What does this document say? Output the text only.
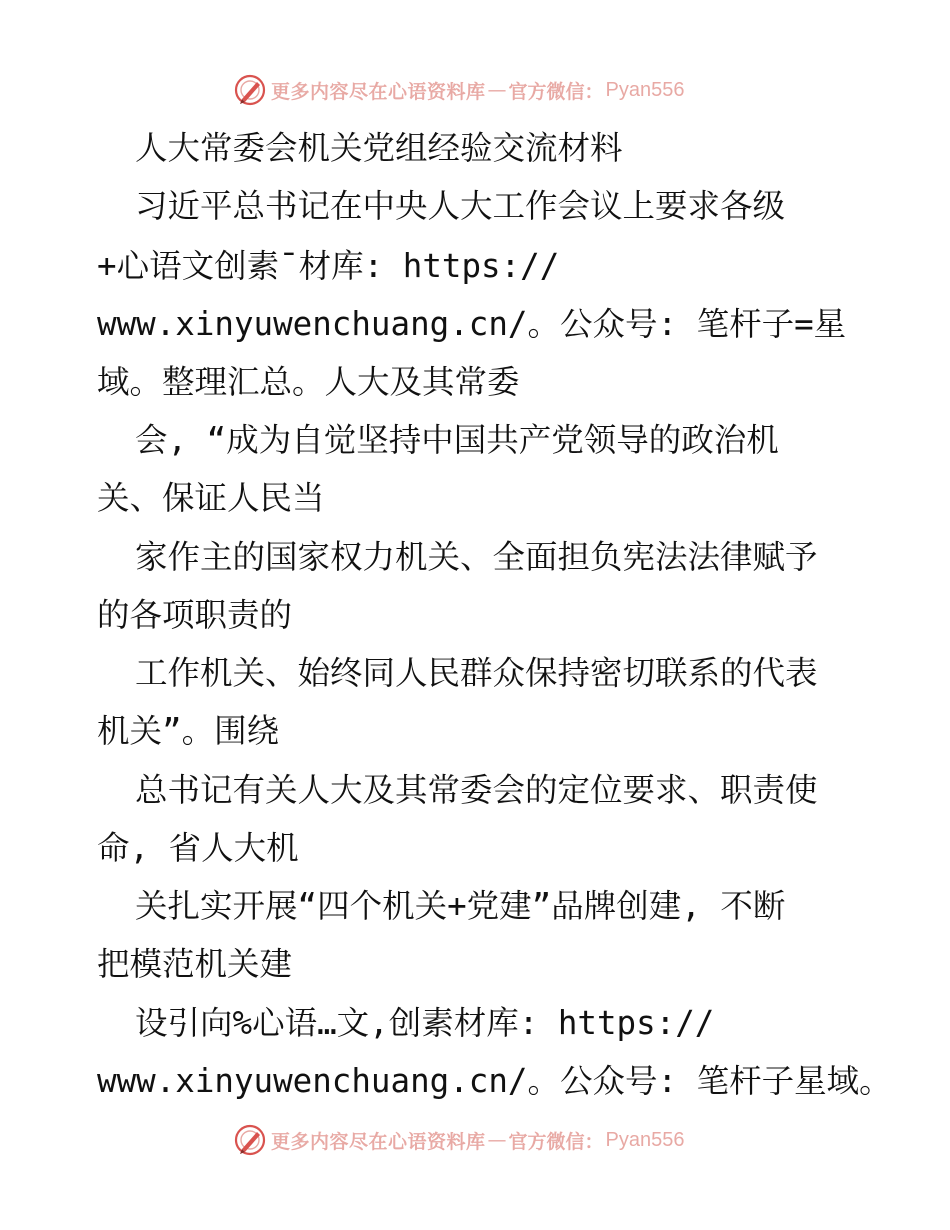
更多内容尽在心语资料库 — 官方微信： Pyan556
人大常委会机关党组经验交流材料
习近平总书记在中央人大工作会议上要求各级
+心语文创素¯材库: https://
www.xinyuwenchuang.cn/。公众号: 笔杆子=星
域。整理汇总。人大及其常委
会, “成为自觉坚持中国共产党领导的政治机
关、保证人民当
家作主的国家权力机关、全面担负宪法法律赋予
的各项职责的
工作机关、始终同人民群众保持密切联系的代表
机关”。围绕
总书记有关人大及其常委会的定位要求、职责使
命, 省人大机
关扎实开展“四个机关+党建”品牌创建, 不断
把模范机关建
设引向%心语…文,创素材库: https://
www.xinyuwenchuang.cn/。公众号: 笔杆子星域。
更多内容尽在心语资料库 — 官方微信： Pyan556
